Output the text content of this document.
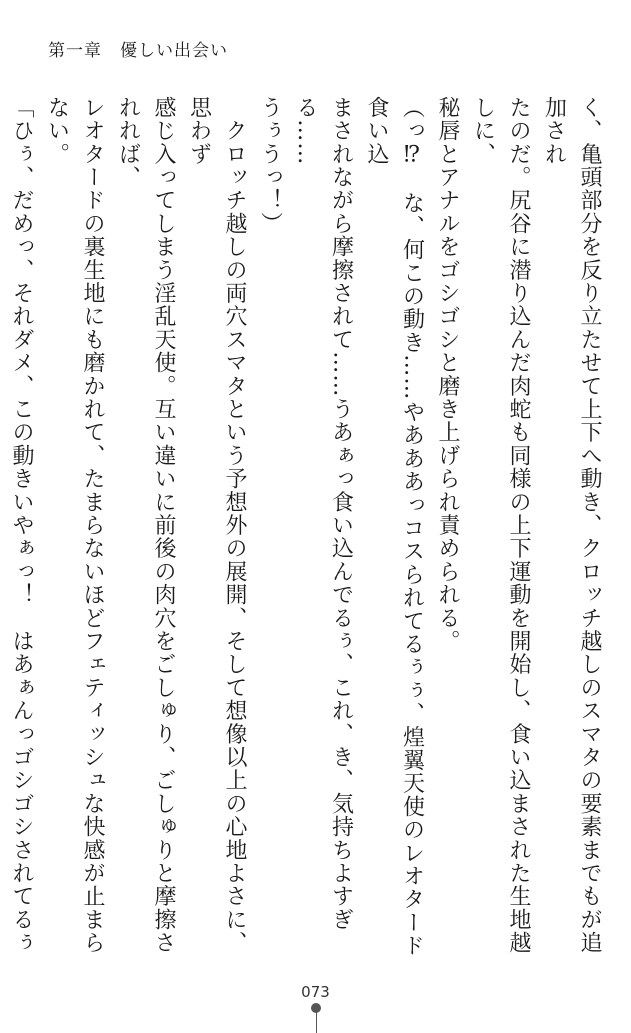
第一章　優しい出会い

く、亀頭部分を反り立たせて上下へ動き、クロッチ越しのスマタの要素までもが追加され

たのだ。尻谷に潜り込んだ肉蛇も同様の上下運動を開始し、食い込まされた生地越しに、

秘唇とアナルをゴシゴシと磨き上げられ責められる。

（っ⁉　な、何この動き……やあああっコスられてるぅぅ、煌翼天使のレオタード食い込

まされながら摩擦されて……うあぁっ食い込んでるぅ、これ、き、気持ちよすぎる……

うぅうっ！）

　クロッチ越しの両穴スマタという予想外の展開、そして想像以上の心地よさに、思わず

感じ入ってしまう淫乱天使。互い違いに前後の肉穴をごしゅり、ごしゅりと摩擦されれば、

レオタードの裏生地にも磨かれて、たまらないほどフェティッシュな快感が止まらない。

「ひぅ、だめっ、それダメ、この動きいやぁっ！　はあぁんっゴシゴシされてるぅ

073
